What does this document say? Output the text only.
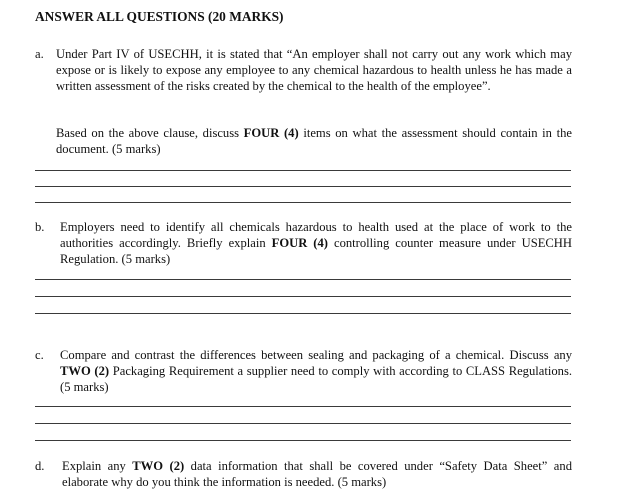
ANSWER ALL QUESTIONS (20 MARKS)
a. Under Part IV of USECHH, it is stated that “An employer shall not carry out any work which may expose or is likely to expose any employee to any chemical hazardous to health unless he has made a written assessment of the risks created by the chemical to the health of the employee”.
Based on the above clause, discuss FOUR (4) items on what the assessment should contain in the document. (5 marks)
b. Employers need to identify all chemicals hazardous to health used at the place of work to the authorities accordingly. Briefly explain FOUR (4) controlling counter measure under USECHH Regulation. (5 marks)
c. Compare and contrast the differences between sealing and packaging of a chemical. Discuss any TWO (2) Packaging Requirement a supplier need to comply with according to CLASS Regulations. (5 marks)
d. Explain any TWO (2) data information that shall be covered under “Safety Data Sheet” and elaborate why do you think the information is needed. (5 marks)
